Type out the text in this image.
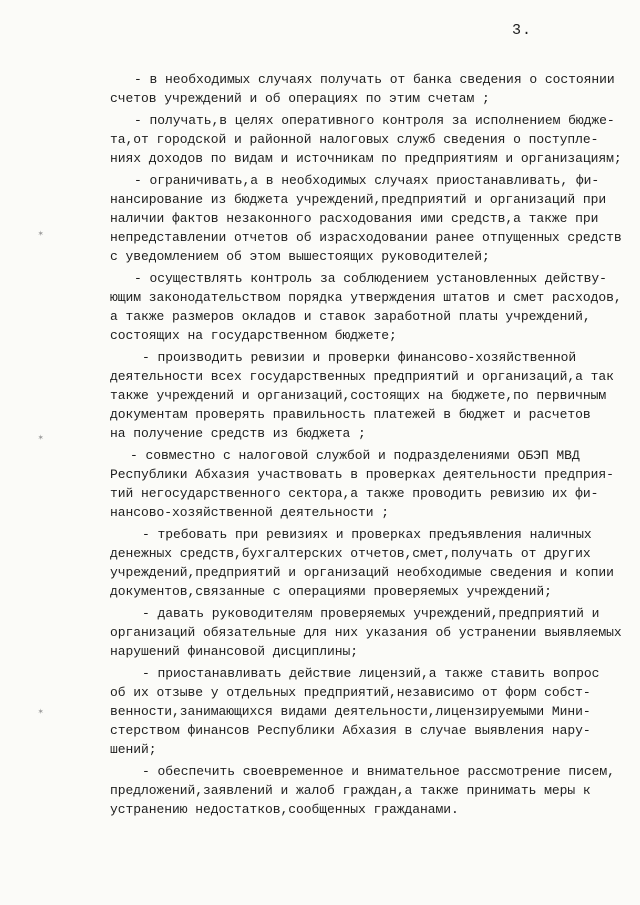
3.
✶
✶
✶
- в необходимых случаях получать от банка сведения о состоянии
счетов учреждений и об операциях по этим счетам ;
- получать,в целях оперативного контроля за исполнением бюдже-
та,от городской и районной налоговых служб сведения о поступле-
ниях доходов по видам и источникам по предприятиям и организациям;
- ограничивать,а в необходимых случаях приостанавливать, фи-
нансирование из бюджета учреждений,предприятий и организаций при
наличии фактов незаконного расходования ими средств,а также при
непредставлении отчетов об израсходовании ранее отпущенных средств
с уведомлением об этом вышестоящих руководителей;
- осуществлять контроль за соблюдением установленных действу-
ющим законодательством порядка утверждения штатов и смет расходов,
а также размеров окладов и ставок заработной платы учреждений,
состоящих на государственном бюджете;
- производить ревизии и проверки финансово-хозяйственной
деятельности всех государственных предприятий и организаций,а так
также учреждений и организаций,состоящих на бюджете,по первичным
документам проверять правильность платежей в бюджет и расчетов
на получение средств из бюджета ;
- совместно с налоговой службой и подразделениями ОБЭП МВД
Республики Абхазия участвовать в проверках деятельности предприя-
тий негосударственного сектора,а также проводить ревизию их фи-
нансово-хозяйственной деятельности ;
- требовать при ревизиях и проверках предъявления наличных
денежных средств,бухгалтерских отчетов,смет,получать от других
учреждений,предприятий и организаций необходимые сведения и копии
документов,связанные с операциями проверяемых учреждений;
- давать руководителям проверяемых учреждений,предприятий и
организаций обязательные для них указания об устранении выявляемых
нарушений финансовой дисциплины;
- приостанавливать действие лицензий,а также ставить вопрос
об их отзыве у отдельных предприятий,независимо от форм собст-
венности,занимающихся видами деятельности,лицензируемыми Мини-
стерством финансов Республики Абхазия в случае выявления нару-
шений;
- обеспечить своевременное и внимательное рассмотрение писем,
предложений,заявлений и жалоб граждан,а также принимать меры к
устранению недостатков,сообщенных гражданами.
